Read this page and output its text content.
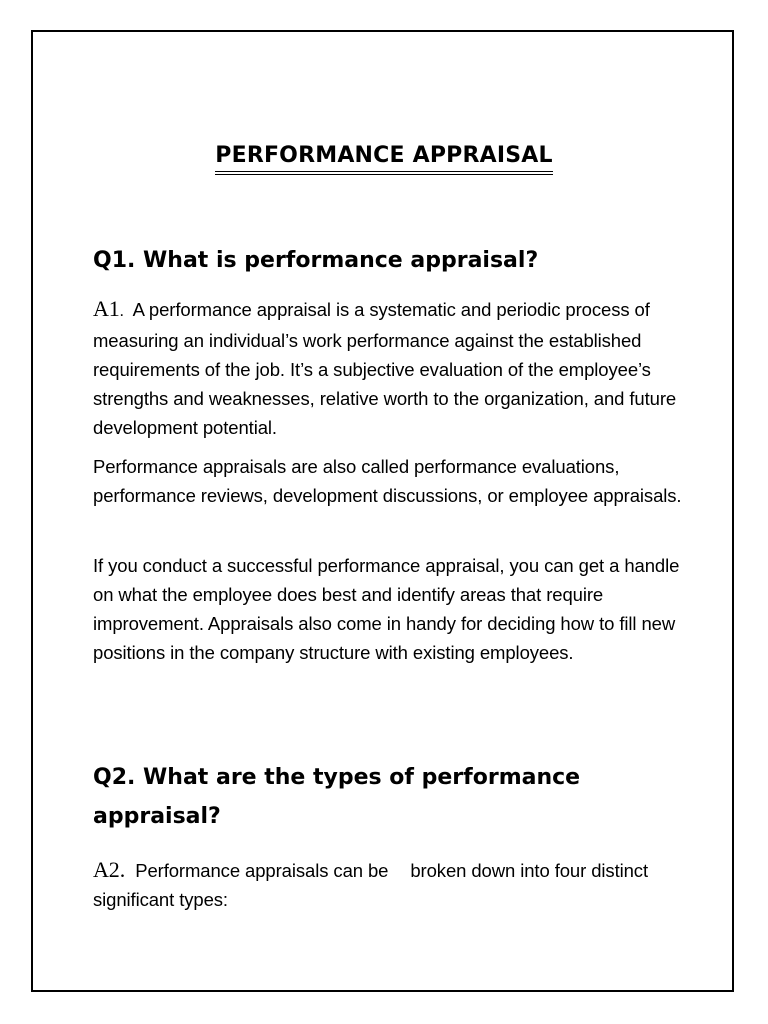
PERFORMANCE APPRAISAL
Q1. What is performance appraisal?

A1. A performance appraisal is a systematic and periodic process of measuring an individual’s work performance against the established requirements of the job. It’s a subjective evaluation of the employee’s strengths and weaknesses, relative worth to the organization, and future development potential.

Performance appraisals are also called performance evaluations, performance reviews, development discussions, or employee appraisals.

If you conduct a successful performance appraisal, you can get a handle on what the employee does best and identify areas that require improvement. Appraisals also come in handy for deciding how to fill new positions in the company structure with existing employees.

Q2. What are the types of performance appraisal?

A2. Performance appraisals can be broken down into four distinct significant types:
